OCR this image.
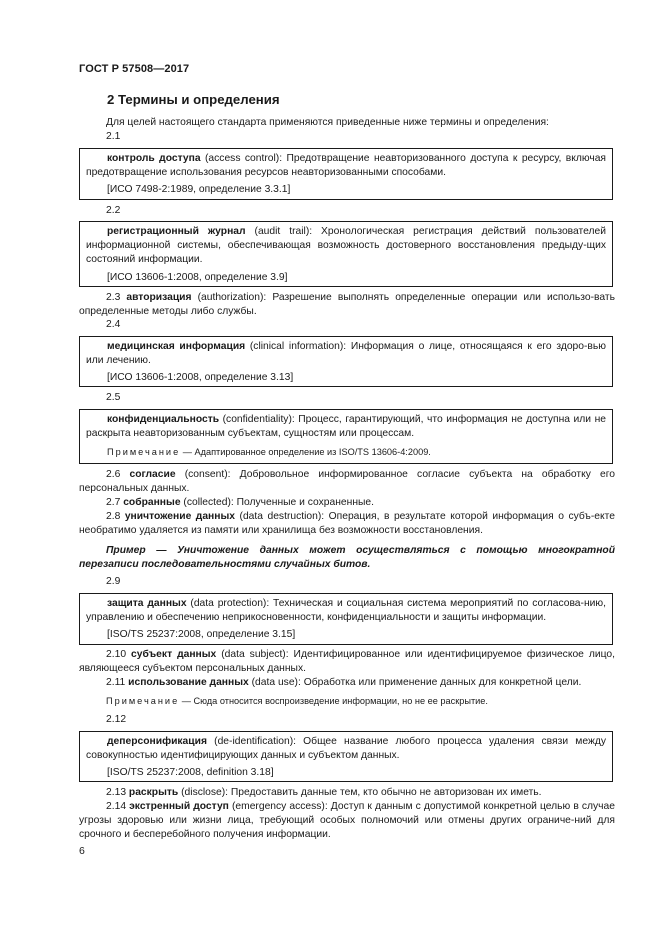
ГОСТ Р 57508—2017
2 Термины и определения
Для целей настоящего стандарта применяются приведенные ниже термины и определения:
2.1
контроль доступа (access control): Предотвращение неавторизованного доступа к ресурсу, включая предотвращение использования ресурсов неавторизованными способами.
[ИСО 7498-2:1989, определение 3.3.1]
2.2
регистрационный журнал (audit trail): Хронологическая регистрация действий пользователей информационной системы, обеспечивающая возможность достоверного восстановления предыду-щих состояний информации.
[ИСО 13606-1:2008, определение 3.9]
2.3 авторизация (authorization): Разрешение выполнять определенные операции или использо-вать определенные методы либо службы.
2.4
медицинская информация (clinical information): Информация о лице, относящаяся к его здоро-вью или лечению.
[ИСО 13606-1:2008, определение 3.13]
2.5
конфиденциальность (confidentiality): Процесс, гарантирующий, что информация не доступна или не раскрыта неавторизованным субъектам, сущностям или процессам.
Примечание — Адаптированное определение из ISO/TS 13606-4:2009.
2.6 согласие (consent): Добровольное информированное согласие субъекта на обработку его персональных данных.
2.7 собранные (collected): Полученные и сохраненные.
2.8 уничтожение данных (data destruction): Операция, в результате которой информация о субъ-екте необратимо удаляется из памяти или хранилища без возможности восстановления.
Пример — Уничтожение данных может осуществляться с помощью многократной перезаписи последовательностями случайных битов.
2.9
защита данных (data protection): Техническая и социальная система мероприятий по согласова-нию, управлению и обеспечению неприкосновенности, конфиденциальности и защиты информации.
[ISO/TS 25237:2008, определение 3.15]
2.10 субъект данных (data subject): Идентифицированное или идентифицируемое физическое лицо, являющееся субъектом персональных данных.
2.11 использование данных (data use): Обработка или применение данных для конкретной цели.
Примечание — Сюда относится воспроизведение информации, но не ее раскрытие.
2.12
деперсонификация (de-identification): Общее название любого процесса удаления связи между совокупностью идентифицирующих данных и субъектом данных.
[ISO/TS 25237:2008, definition 3.18]
2.13 раскрыть (disclose): Предоставить данные тем, кто обычно не авторизован их иметь.
2.14 экстренный доступ (emergency access): Доступ к данным с допустимой конкретной целью в случае угрозы здоровью или жизни лица, требующий особых полномочий или отмены других ограниче-ний для срочного и бесперебойного получения информации.
6
